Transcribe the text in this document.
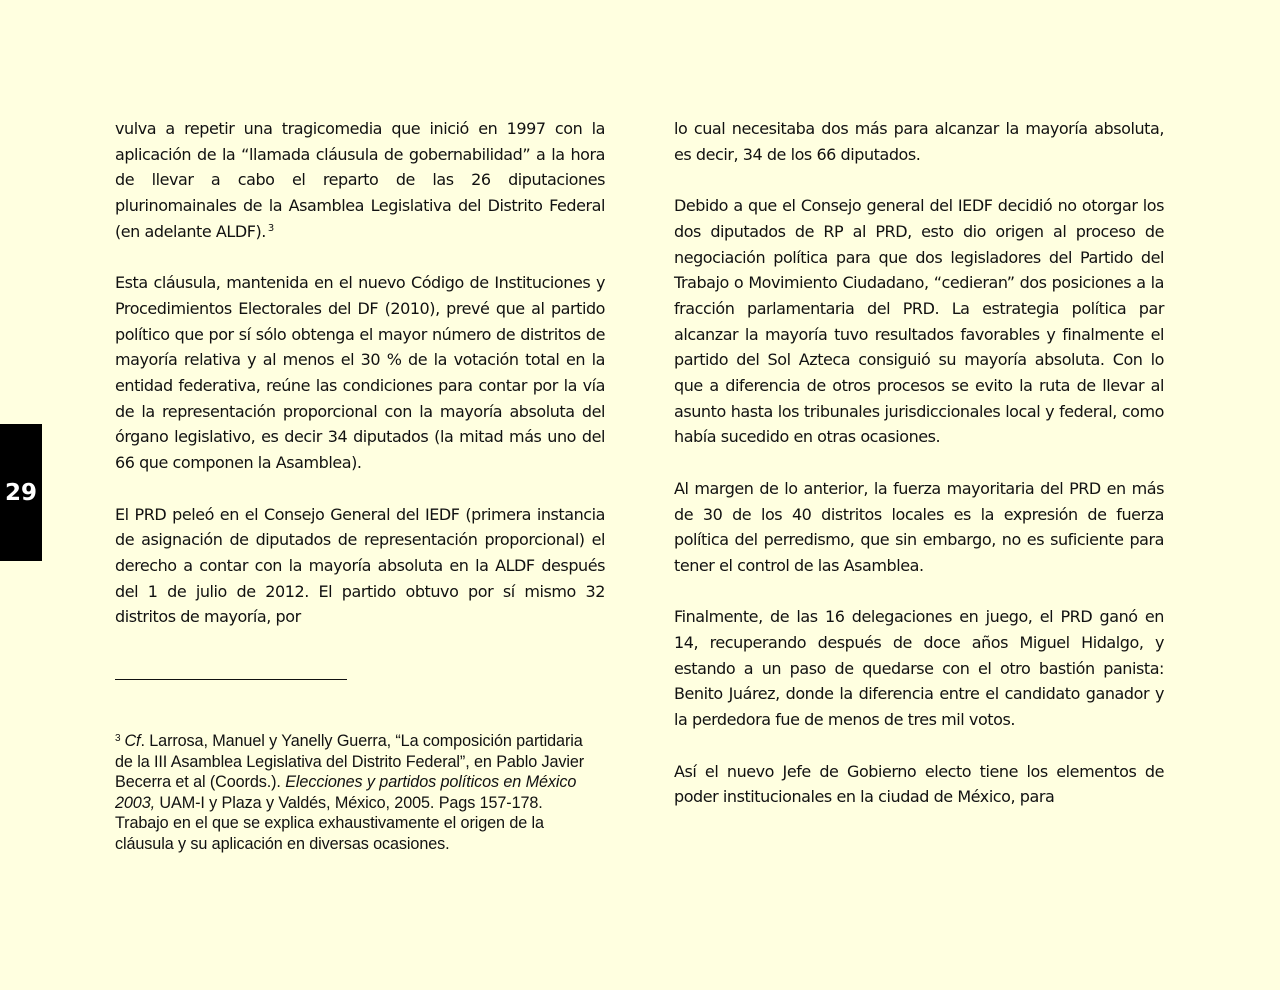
29

vulva a repetir una tragicomedia que inició en 1997 con la aplicación de la “llamada cláusula de gobernabilidad” a la hora de llevar a cabo el reparto de las 26 diputaciones plurinomainales de la Asamblea Legislativa del Distrito Federal (en adelante ALDF). $^3$

Esta cláusula, mantenida en el nuevo Código de Instituciones y Procedimientos Electorales del DF (2010), prevé que al partido político que por sí sólo obtenga el mayor número de distritos de mayoría relativa y al menos el 30 % de la votación total en la entidad federativa, reúne las condiciones para contar por la vía de la representación proporcional con la mayoría absoluta del órgano legislativo, es decir 34 diputados (la mitad más uno del 66 que componen la Asamblea).

El PRD peleó en el Consejo General del IEDF (primera instancia de asignación de diputados de representación proporcional) el derecho a contar con la mayoría absoluta en la ALDF después del 1 de julio de 2012. El partido obtuvo por sí mismo 32 distritos de mayoría, por

$^3$ Cf. Larrosa, Manuel y Yanelly Guerra, “La composición partidaria de la III Asamblea Legislativa del Distrito Federal”, en Pablo Javier Becerra et al (Coords.). Elecciones y partidos políticos en México 2003, UAM-I y Plaza y Valdés, México, 2005. Pags 157-178. Trabajo en el que se explica exhaustivamente el origen de la cláusula y su aplicación en diversas ocasiones.

lo cual necesitaba dos más para alcanzar la mayoría absoluta, es decir, 34 de los 66 diputados.

Debido a que el Consejo general del IEDF decidió no otorgar los dos diputados de RP al PRD, esto dio origen al proceso de negociación política para que dos legisladores del Partido del Trabajo o Movimiento Ciudadano, “cedieran” dos posiciones a la fracción parlamentaria del PRD. La estrategia política par alcanzar la mayoría tuvo resultados favorables y finalmente el partido del Sol Azteca consiguió su mayoría absoluta. Con lo que a diferencia de otros procesos se evito la ruta de llevar al asunto hasta los tribunales jurisdiccionales local y federal, como había sucedido en otras ocasiones.

Al margen de lo anterior, la fuerza mayoritaria del PRD en más de 30 de los 40 distritos locales es la expresión de fuerza política del perredismo, que sin embargo, no es suficiente para tener el control de las Asamblea.

Finalmente, de las 16 delegaciones en juego, el PRD ganó en 14, recuperando después de doce años Miguel Hidalgo, y estando a un paso de quedarse con el otro bastión panista: Benito Juárez, donde la diferencia entre el candidato ganador y la perdedora fue de menos de tres mil votos.

Así el nuevo Jefe de Gobierno electo tiene los elementos de poder institucionales en la ciudad de México, para
